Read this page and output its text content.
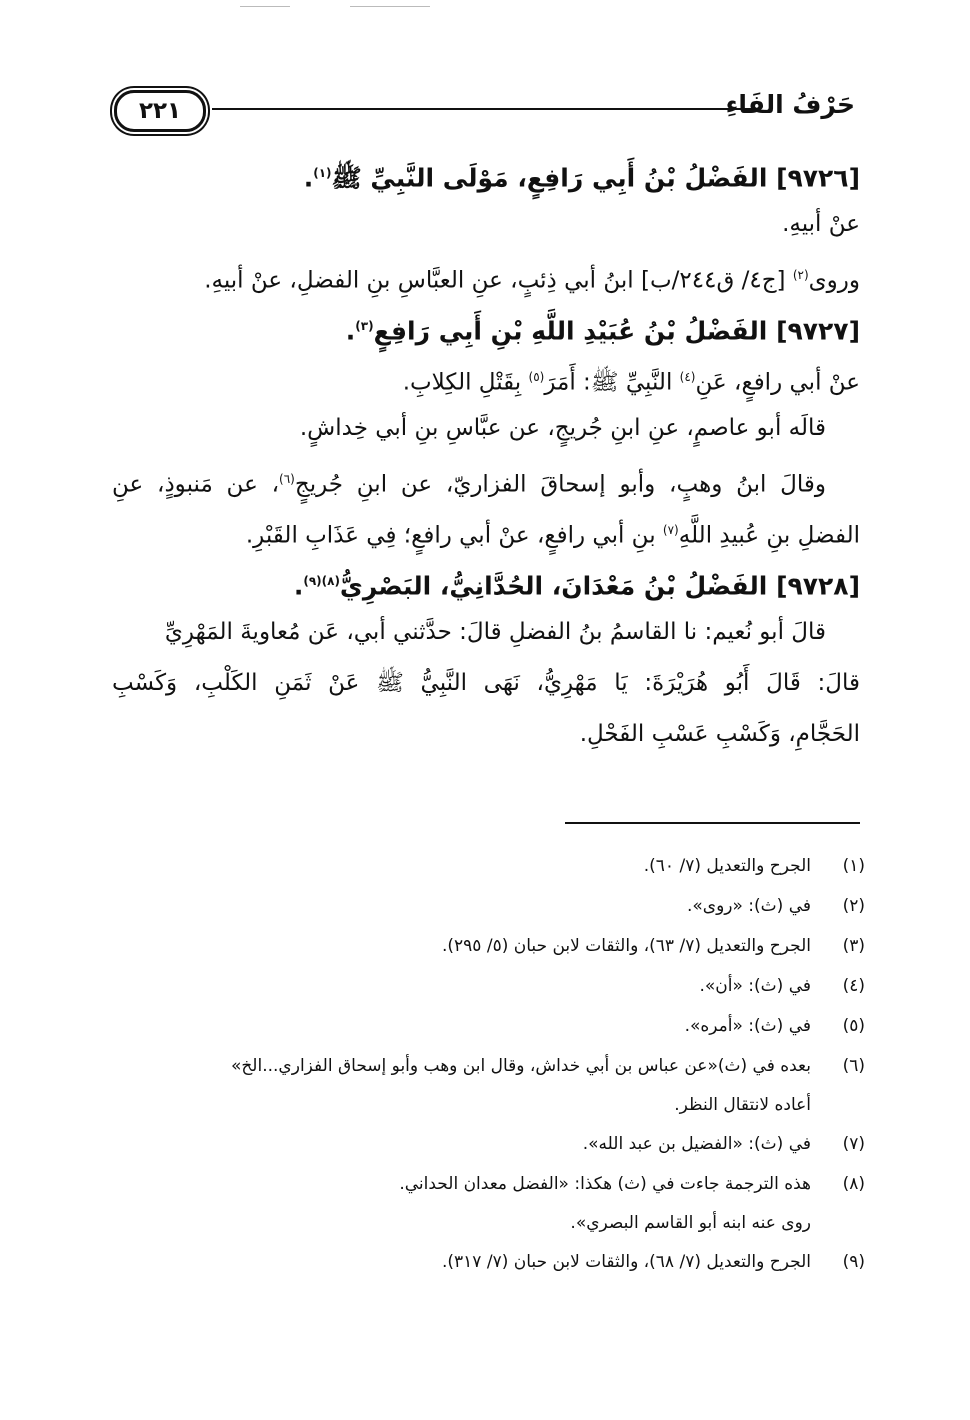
٢٢١	حَرْفُ الفَاءِ
[٩٧٢٦] الفَضْلُ بْنُ أَبِي رَافِعٍ، مَوْلَى النَّبِيِّ ﷺ$^{(١)}$.
عنْ أبيهِ.
وروى$^{(٢)}$ [ج٤/ ق٢٤٤/ب] ابنُ أبي ذِئبٍ، عنِ العبَّاسِ بنِ الفضلِ، عنْ أبيهِ.
[٩٧٢٧] الفَضْلُ بْنُ عُبَيْدِ اللَّهِ بْنِ أَبِي رَافِعٍ$^{(٣)}$.
عنْ أبي رافعٍ، عَنِ$^{(٤)}$ النَّبِيِّ ﷺ: أَمَرَ$^{(٥)}$ بِقَتْلِ الكِلابِ.
قالَه أبو عاصمٍ، عنِ ابنِ جُريجٍ، عن عبَّاسِ بنِ أبي خِداشٍ.
وقالَ ابنُ وهبٍ، وأبو إسحاقَ الفزاريّ، عن ابنِ جُريجٍ$^{(٦)}$، عن مَنبوذٍ، عنِ
الفضلِ بنِ عُبيدِ اللَّهِ$^{(٧)}$ بنِ أبي رافعٍ، عنْ أبي رافعٍ؛ فِي عَذَابِ القَبْرِ.
[٩٧٢٨] الفَضْلُ بْنُ مَعْدَانَ، الحُدَّانِيُّ، البَصْرِيُّ$^{(٨)(٩)}$.
قالَ أبو نُعيم: نا القاسمُ بنُ الفضلِ قالَ: حدَّثني أبي، عَن مُعاويةَ المَهْرِيِّ
قالَ: قَالَ أَبُو هُرَيْرَةَ: يَا مَهْرِيُّ، نَهَى النَّبِيُّ ﷺ عَنْ ثَمَنِ الكَلْبِ، وَكَسْبِ
الحَجَّامِ، وَكَسْبِ عَسْبِ الفَحْلِ.
(١)
الجرح والتعديل (٧/ ٦٠).
(٢)
في (ث): «روى».
(٣)
الجرح والتعديل (٧/ ٦٣)، والثقات لابن حبان (٥/ ٢٩٥).
(٤)
في (ث): «أن».
(٥)
في (ث): «أمره».
(٦)
بعده في (ث)«عن عباس بن أبي خداش، وقال ابن وهب وأبو إسحاق الفزاري...الخ»
أعاده لانتقال النظر.
(٧)
في (ث): «الفضيل بن عبد الله».
(٨)
هذه الترجمة جاءت في (ث) هكذا: «الفضل معدان الحداني.
روى عنه ابنه أبو القاسم البصري».
(٩)
الجرح والتعديل (٧/ ٦٨)، والثقات لابن حبان (٧/ ٣١٧).
